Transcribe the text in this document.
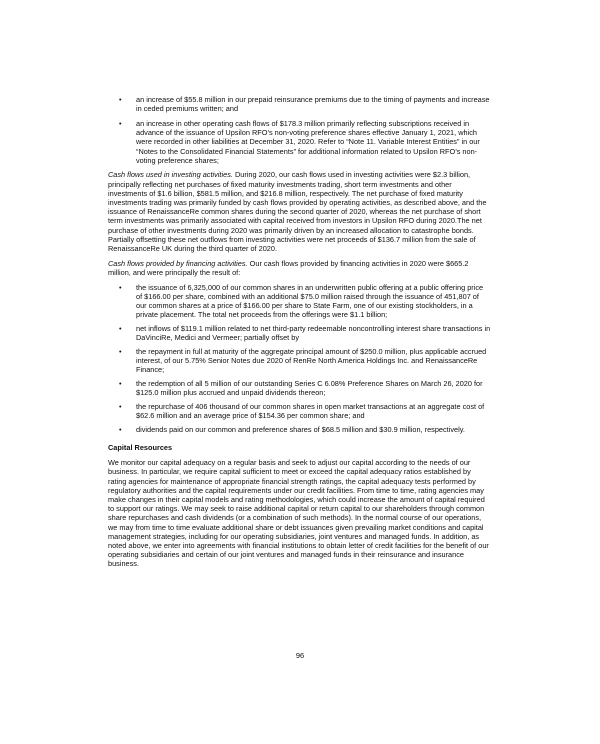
• an increase of $55.8 million in our prepaid reinsurance premiums due to the timing of payments and increase in ceded premiums written; and
• an increase in other operating cash flows of $178.3 million primarily reflecting subscriptions received in advance of the issuance of Upsilon RFO’s non-voting preference shares effective January 1, 2021, which were recorded in other liabilities at December 31, 2020. Refer to “Note 11. Variable Interest Entities” in our “Notes to the Consolidated Financial Statements” for additional information related to Upsilon RFO’s non-voting preference shares;

Cash flows used in investing activities. During 2020, our cash flows used in investing activities were $2.3 billion, principally reflecting net purchases of fixed maturity investments trading, short term investments and other investments of $1.6 billion, $581.5 million, and $216.8 million, respectively. The net purchase of fixed maturity investments trading was primarily funded by cash flows provided by operating activities, as described above, and the issuance of RenaissanceRe common shares during the second quarter of 2020, whereas the net purchase of short term investments was primarily associated with capital received from investors in Upsilon RFO during 2020.The net purchase of other investments during 2020 was primarily driven by an increased allocation to catastrophe bonds. Partially offsetting these net outflows from investing activities were net proceeds of $136.7 million from the sale of RenaissanceRe UK during the third quarter of 2020.

Cash flows provided by financing activities. Our cash flows provided by financing activities in 2020 were $665.2 million, and were principally the result of:

• the issuance of 6,325,000 of our common shares in an underwritten public offering at a public offering price of $166.00 per share, combined with an additional $75.0 million raised through the issuance of 451,807 of our common shares at a price of $166.00 per share to State Farm, one of our existing stockholders, in a private placement. The total net proceeds from the offerings were $1.1 billion;
• net inflows of $119.1 million related to net third-party redeemable noncontrolling interest share transactions in DaVinciRe, Medici and Vermeer; partially offset by
• the repayment in full at maturity of the aggregate principal amount of $250.0 million, plus applicable accrued interest, of our 5.75% Senior Notes due 2020 of RenRe North America Holdings Inc. and RenaissanceRe Finance;
• the redemption of all 5 million of our outstanding Series C 6.08% Preference Shares on March 26, 2020 for $125.0 million plus accrued and unpaid dividends thereon;
• the repurchase of 406 thousand of our common shares in open market transactions at an aggregate cost of $62.6 million and an average price of $154.36 per common share; and
• dividends paid on our common and preference shares of $68.5 million and $30.9 million, respectively.
Capital Resources

We monitor our capital adequacy on a regular basis and seek to adjust our capital according to the needs of our business. In particular, we require capital sufficient to meet or exceed the capital adequacy ratios established by rating agencies for maintenance of appropriate financial strength ratings, the capital adequacy tests performed by regulatory authorities and the capital requirements under our credit facilities. From time to time, rating agencies may make changes in their capital models and rating methodologies, which could increase the amount of capital required to support our ratings. We may seek to raise additional capital or return capital to our shareholders through common share repurchases and cash dividends (or a combination of such methods). In the normal course of our operations, we may from time to time evaluate additional share or debt issuances given prevailing market conditions and capital management strategies, including for our operating subsidiaries, joint ventures and managed funds. In addition, as noted above, we enter into agreements with financial institutions to obtain letter of credit facilities for the benefit of our operating subsidiaries and certain of our joint ventures and managed funds in their reinsurance and insurance business.

96
